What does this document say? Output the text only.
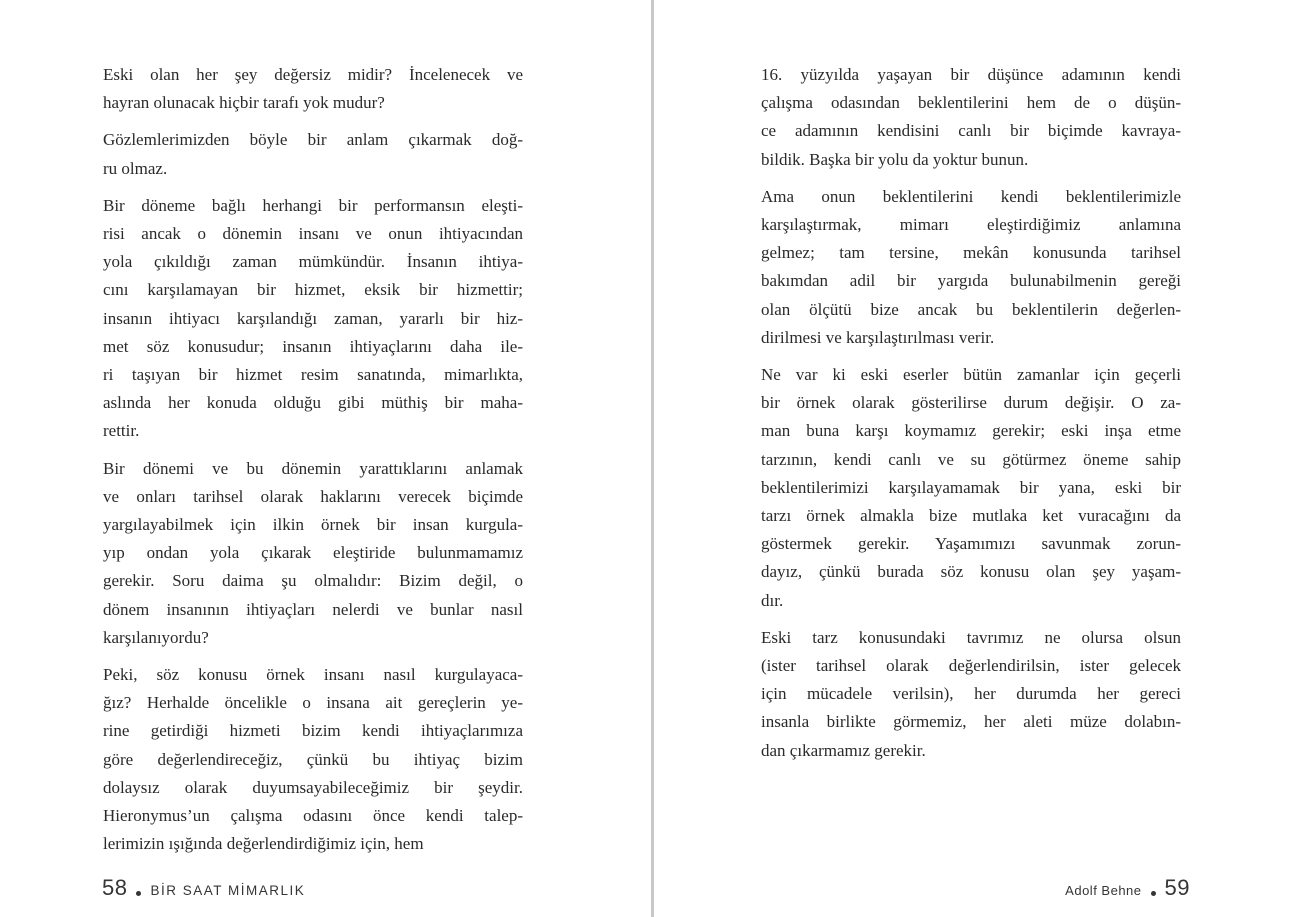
Eski olan her şey değersiz midir? İncelenecek ve
hayran olunacak hiçbir tarafı yok mudur?
Gözlemlerimizden böyle bir anlam çıkarmak doğ-
ru olmaz.
Bir döneme bağlı herhangi bir performansın eleşti-
risi ancak o dönemin insanı ve onun ihtiyacından
yola çıkıldığı zaman mümkündür. İnsanın ihtiya-
cını karşılamayan bir hizmet, eksik bir hizmettir;
insanın ihtiyacı karşılandığı zaman, yararlı bir hiz-
met söz konusudur; insanın ihtiyaçlarını daha ile-
ri taşıyan bir hizmet resim sanatında, mimarlıkta,
aslında her konuda olduğu gibi müthiş bir maha-
rettir.
Bir dönemi ve bu dönemin yarattıklarını anlamak
ve onları tarihsel olarak haklarını verecek biçimde
yargılayabilmek için ilkin örnek bir insan kurgula-
yıp ondan yola çıkarak eleştiride bulunmamamız
gerekir. Soru daima şu olmalıdır: Bizim değil, o
dönem insanının ihtiyaçları nelerdi ve bunlar nasıl
karşılanıyordu?
Peki, söz konusu örnek insanı nasıl kurgulayaca-
ğız? Herhalde öncelikle o insana ait gereçlerin ye-
rine getirdiği hizmeti bizim kendi ihtiyaçlarımıza
göre değerlendireceğiz, çünkü bu ihtiyaç bizim
dolaysız olarak duyumsayabileceğimiz bir şeydir.
Hieronymus’un çalışma odasını önce kendi talep-
lerimizin ışığında değerlendirdiğimiz için, hem
16. yüzyılda yaşayan bir düşünce adamının kendi
çalışma odasından beklentilerini hem de o düşün-
ce adamının kendisini canlı bir biçimde kavraya-
bildik. Başka bir yolu da yoktur bunun.
Ama onun beklentilerini kendi beklentilerimizle
karşılaştırmak, mimarı eleştirdiğimiz anlamına
gelmez; tam tersine, mekân konusunda tarihsel
bakımdan adil bir yargıda bulunabilmenin gereği
olan ölçütü bize ancak bu beklentilerin değerlen-
dirilmesi ve karşılaştırılması verir.
Ne var ki eski eserler bütün zamanlar için geçerli
bir örnek olarak gösterilirse durum değişir. O za-
man buna karşı koymamız gerekir; eski inşa etme
tarzının, kendi canlı ve su götürmez öneme sahip
beklentilerimizi karşılayamamak bir yana, eski bir
tarzı örnek almakla bize mutlaka ket vuracağını da
göstermek gerekir. Yaşamımızı savunmak zorun-
dayız, çünkü burada söz konusu olan şey yaşam-
dır.
Eski tarz konusundaki tavrımız ne olursa olsun
(ister tarihsel olarak değerlendirilsin, ister gelecek
için mücadele verilsin), her durumda her gereci
insanla birlikte görmemiz, her aleti müze dolabın-
dan çıkarmamız gerekir.
58 BİR SAAT MİMARLIK	Adolf Behne 59
